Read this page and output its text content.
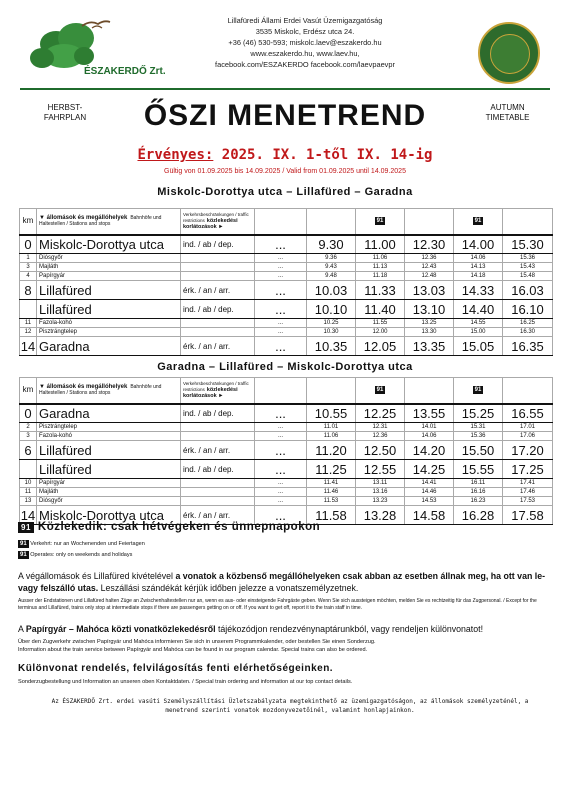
ÉSZAKERDŐ Zrt.
Lillafüredi Állami Erdei Vasút Üzemigazgatóság
3535 Miskolc, Erdész utca 24.
+36 (46) 530-593; miskolc.laev@eszakerdo.hu
www.eszakerdo.hu, www.laev.hu,
facebook.com/ESZAKERDO facebook.com/laevpaevpr
HERBST-
FAHRPLAN	ŐSZI MENETREND	AUTUMN
TIMETABLE
Érvényes: 2025. IX. 1-től IX. 14-ig
Gültig von 01.09.2025 bis 14.09.2025 / Valid from 01.09.2025 until 14.09.2025
Miskolc-Dorottya utca – Lillafüred – Garadna
km	▼ állomások és megállóhelyek Bahnhöfe und Haltestellen / Stations and stops	Verkehrsbeschränkungen / traffic restrictions közlekedési korlátozások ►			91		91	
0	Miskolc-Dorottya utca	ind. / ab / dep.	...	9.30	11.00	12.30	14.00	15.30
1	Diósgyőr		...	9.36	11.06	12.36	14.06	15.36
3	Majláth		...	9.43	11.13	12.43	14.13	15.43
4	Papírgyár		...	9.48	11.18	12.48	14.18	15.48
8	Lillafüred	érk. / an / arr.	...	10.03	11.33	13.03	14.33	16.03
	Lillafüred	ind. / ab / dep.	...	10.10	11.40	13.10	14.40	16.10
11	Fazola-kohó		...	10.25	11.55	13.25	14.55	16.25
12	Pisztrángtelep		...	10.30	12.00	13.30	15.00	16.30
14	Garadna	érk. / an / arr.	...	10.35	12.05	13.35	15.05	16.35
Garadna – Lillafüred – Miskolc-Dorottya utca
km	▼ állomások és megállóhelyek Bahnhöfe und Haltestellen / Stations and stops	Verkehrsbeschränkungen / traffic restrictions közlekedési korlátozások ►			91		91	
0	Garadna	ind. / ab / dep.	...	10.55	12.25	13.55	15.25	16.55
2	Pisztrángtelep		...	11.01	12.31	14.01	15.31	17.01
3	Fazola-kohó		...	11.06	12.36	14.06	15.36	17.06
6	Lillafüred	érk. / an / arr.	...	11.20	12.50	14.20	15.50	17.20
	Lillafüred	ind. / ab / dep.	...	11.25	12.55	14.25	15.55	17.25
10	Papírgyár		...	11.41	13.11	14.41	16.11	17.41
11	Majláth		...	11.46	13.16	14.46	16.16	17.46
13	Diósgyőr		...	11.53	13.23	14.53	16.23	17.53
14	Miskolc-Dorottya utca	érk. / an / arr.	...	11.58	13.28	14.58	16.28	17.58
91 Közlekedik: csak hétvégeken és ünnepnapokon
91 Verkehrt: nur an Wochenenden und Feiertagen
91 Operates: only on weekends and holidays
A végállomások és Lillafüred kivételével a vonatok a közbenső megállóhelyeken csak abban az esetben állnak meg, ha ott van le- vagy felszálló utas. Leszállási szándékát kérjük időben jelezze a vonatszemélyzetnek.
Ausser der Endstationen und Lillafüred halten Züge an Zwischenhaltestellen nur an, wenn es aus- oder einsteigende Fahrgäste geben. Wenn Sie sich aussteigen möchten, melden Sie es rechtzeitig für das Zugpersonal. / Except for the terminus and Lillafüred, trains only stop at intermediate stops if there are passengers getting on or off. If you want to get off, report it to the train staff in time.
A Papírgyár – Mahóca közti vonatközlekedésről tájékozódjon rendezvénynaptárunkból, vagy rendeljen különvonatot!
Über den Zugverkehr zwischen Papírgyár und Mahóca informieren Sie sich in unserem Programmkalender, oder bestellen Sie einen Sonderzug.
Information about the train service between Papírgyár and Mahóca can be found in our program calendar. Special trains can also be ordered.
Különvonat rendelés, felvilágosítás fenti elérhetőségeinken.
Sonderzugbestellung und Information an unseren oben Kontaktdaten. / Special train ordering and information at our top contact details.
Az ÉSZAKERDŐ Zrt. erdei vasúti Személyszállítási Üzletszabályzata megtekinthető az üzemigazgatóságon, az állomások személyzeténél, a menetrend szerinti vonatok mozdonyvezetőinél, valamint honlapjainkon.
